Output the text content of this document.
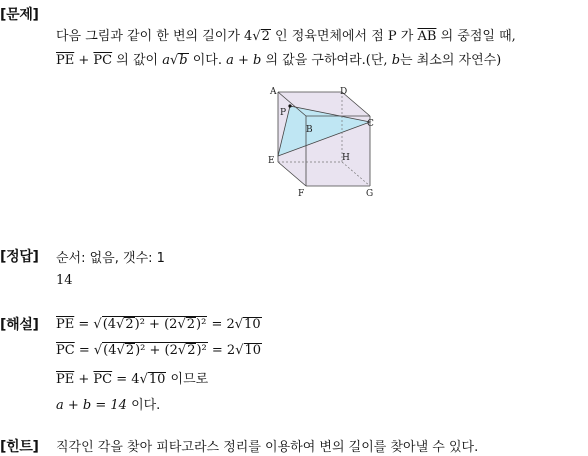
[문제]
다음 그림과 같이 한 변의 길이가 4√2 인 정육면체에서 점 P 가 $\overline{AB}$ 의 중점일 때,
$\overline{PE} + \overline{PC}$ 의 값이 a√b 이다. a + b 의 값을 구하여라.(단, b는 최소의 자연수)
A	D
P
B
C
E	H
F	G
[정답] 순서: 없음, 갯수: 1
14
[해설] $\overline{PE} = √(4√2)^2 + (2√2)^2 = 2√10$
$\overline{PC} = √(4√2)^2 + (2√2)^2 = 2√10$
$\overline{PE} + \overline{PC} = 4√10$ 이므로
a + b = 14 이다.
[힌트] 직각인 각을 찾아 피타고라스 정리를 이용하여 변의 길이를 찾아낼 수 있다.
